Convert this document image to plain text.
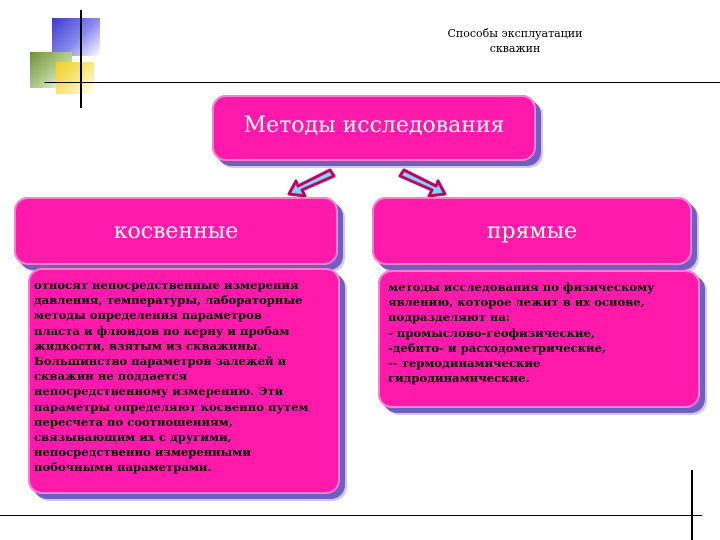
Способы эксплуатации
скважин
Методы исследования
косвенные	прямые
относят непосредственные измерения
давления, температуры, лабораторные
методы определения параметров
пласта и флюидов по керну и пробам
жидкости, взятым из скважины.
Большинство параметров залежей и
скважин не поддается
непосредственному измерению. Эти
параметры определяют косвенно путем
пересчета по соотношениям,
связывающим их с другими,
непосредственно измеренными
побочными параметрами.
методы исследования по физическому
явлению, которое лежит в их основе,
подразделяют на:
- промыслово-геофизические,
-дебито- и расходометрические,
-- термодинамические
гидродинамические.
